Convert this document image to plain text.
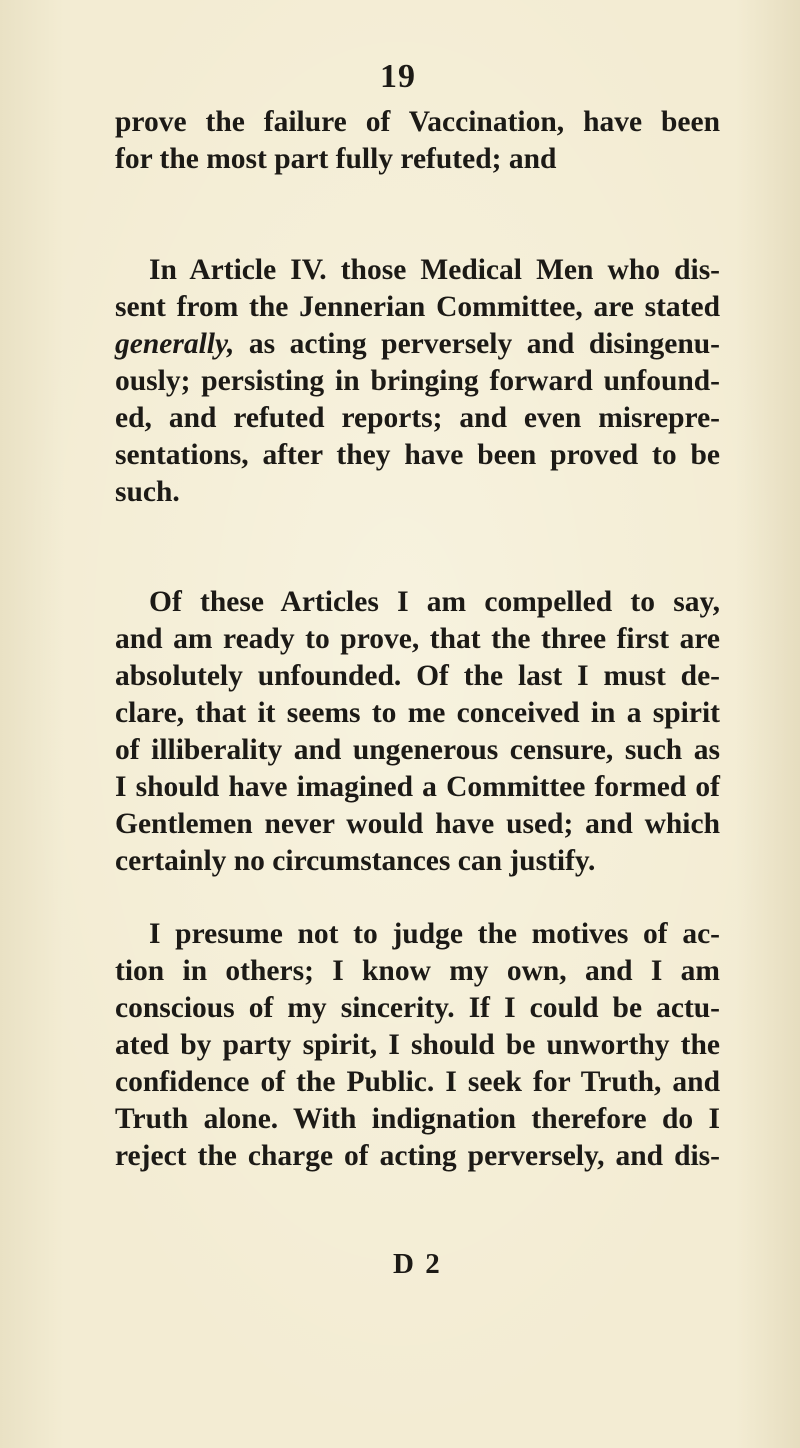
19
prove the failure of Vaccination, have been
for the most part fully refuted; and
In Article IV. those Medical Men who dis-
sent from the Jennerian Committee, are stated
generally, as acting perversely and disingenu-
ously; persisting in bringing forward unfound-
ed, and refuted reports; and even misrepre-
sentations, after they have been proved to be
such.
Of these Articles I am compelled to say,
and am ready to prove, that the three first are
absolutely unfounded. Of the last I must de-
clare, that it seems to me conceived in a spirit
of illiberality and ungenerous censure, such as
I should have imagined a Committee formed of
Gentlemen never would have used; and which
certainly no circumstances can justify.
I presume not to judge the motives of ac-
tion in others; I know my own, and I am
conscious of my sincerity. If I could be actu-
ated by party spirit, I should be unworthy the
confidence of the Public. I seek for Truth, and
Truth alone. With indignation therefore do I
reject the charge of acting perversely, and dis-
D 2
